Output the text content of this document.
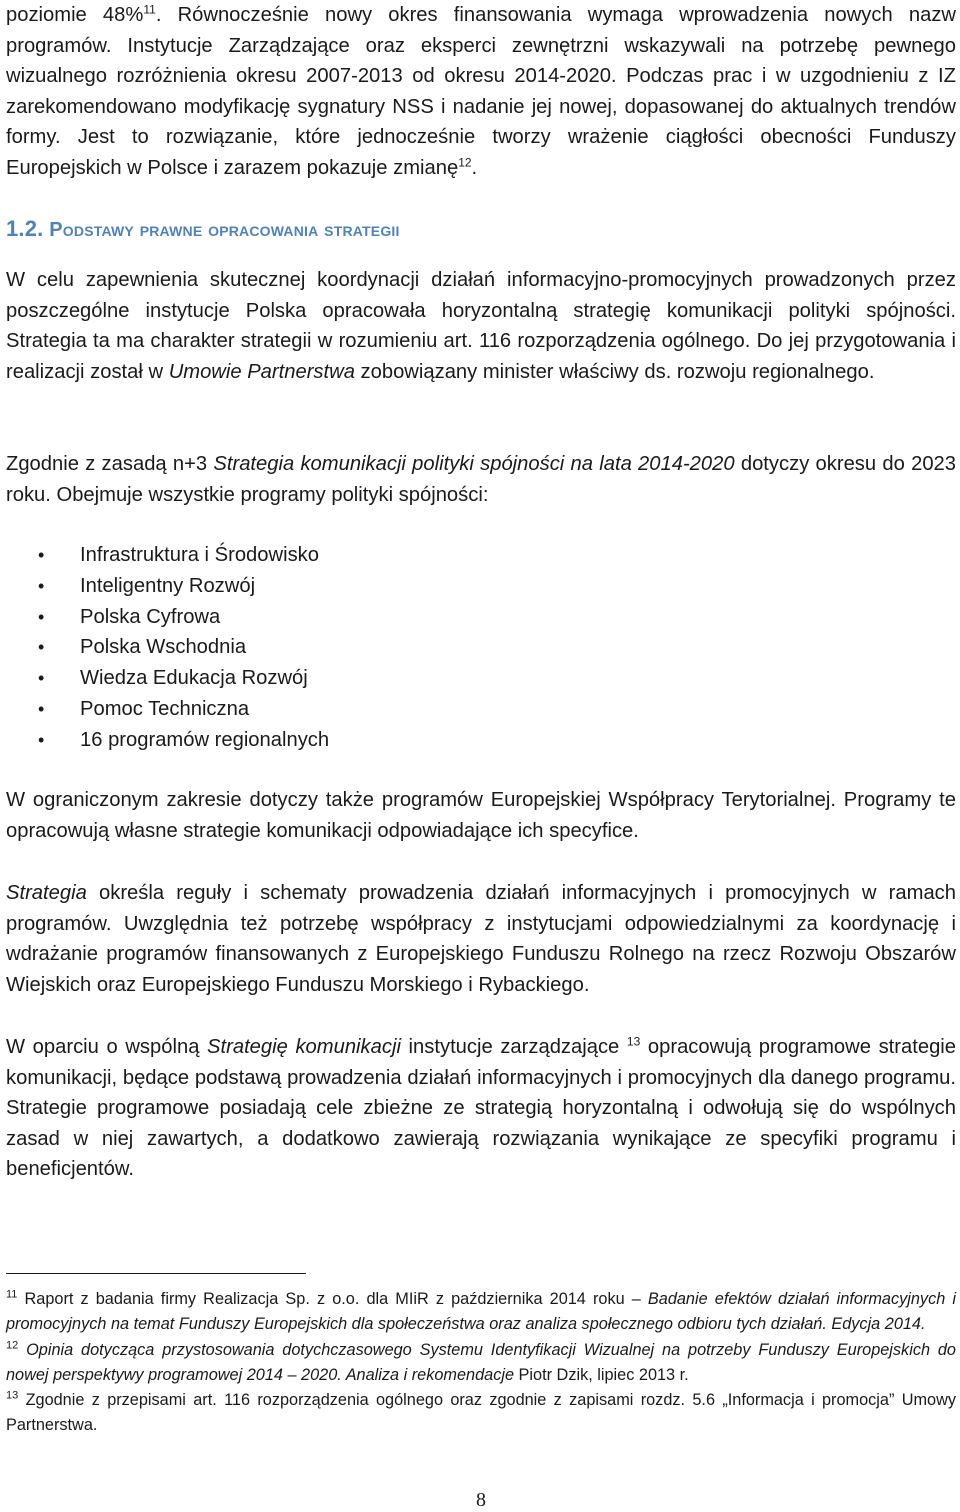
poziomie 48%$^{11}$. Równocześnie nowy okres finansowania wymaga wprowadzenia nowych nazw programów. Instytucje Zarządzające oraz eksperci zewnętrzni wskazywali na potrzebę pewnego wizualnego rozróżnienia okresu 2007-2013 od okresu 2014-2020. Podczas prac i w uzgodnieniu z IZ zarekomendowano modyfikację sygnatury NSS i nadanie jej nowej, dopasowanej do aktualnych trendów formy. Jest to rozwiązanie, które jednocześnie tworzy wrażenie ciągłości obecności Funduszy Europejskich w Polsce i zarazem pokazuje zmianę$^{12}$.

1.2. Podstawy prawne opracowania strategii

W celu zapewnienia skutecznej koordynacji działań informacyjno-promocyjnych prowadzonych przez poszczególne instytucje Polska opracowała horyzontalną strategię komunikacji polityki spójności. Strategia ta ma charakter strategii w rozumieniu art. 116 rozporządzenia ogólnego. Do jej przygotowania i realizacji został w Umowie Partnerstwa zobowiązany minister właściwy ds. rozwoju regionalnego.

Zgodnie z zasadą n+3 Strategia komunikacji polityki spójności na lata 2014-2020 dotyczy okresu do 2023 roku. Obejmuje wszystkie programy polityki spójności:

• Infrastruktura i Środowisko
• Inteligentny Rozwój
• Polska Cyfrowa
• Polska Wschodnia
• Wiedza Edukacja Rozwój
• Pomoc Techniczna
• 16 programów regionalnych

W ograniczonym zakresie dotyczy także programów Europejskiej Współpracy Terytorialnej. Programy te opracowują własne strategie komunikacji odpowiadające ich specyfice.

Strategia określa reguły i schematy prowadzenia działań informacyjnych i promocyjnych w ramach programów. Uwzględnia też potrzebę współpracy z instytucjami odpowiedzialnymi za koordynację i wdrażanie programów finansowanych z Europejskiego Funduszu Rolnego na rzecz Rozwoju Obszarów Wiejskich oraz Europejskiego Funduszu Morskiego i Rybackiego.

W oparciu o wspólną Strategię komunikacji instytucje zarządzające $^{13}$ opracowują programowe strategie komunikacji, będące podstawą prowadzenia działań informacyjnych i promocyjnych dla danego programu. Strategie programowe posiadają cele zbieżne ze strategią horyzontalną i odwołują się do wspólnych zasad w niej zawartych, a dodatkowo zawierają rozwiązania wynikające ze specyfiki programu i beneficjentów.

$^{11}$ Raport z badania firmy Realizacja Sp. z o.o. dla MIiR z października 2014 roku – Badanie efektów działań informacyjnych i promocyjnych na temat Funduszy Europejskich dla społeczeństwa oraz analiza społecznego odbioru tych działań. Edycja 2014.

$^{12}$ Opinia dotycząca przystosowania dotychczasowego Systemu Identyfikacji Wizualnej na potrzeby Funduszy Europejskich do nowej perspektywy programowej 2014 – 2020. Analiza i rekomendacje Piotr Dzik, lipiec 2013 r.

$^{13}$ Zgodnie z przepisami art. 116 rozporządzenia ogólnego oraz zgodnie z zapisami rozdz. 5.6 „Informacja i promocja” Umowy Partnerstwa.

8
